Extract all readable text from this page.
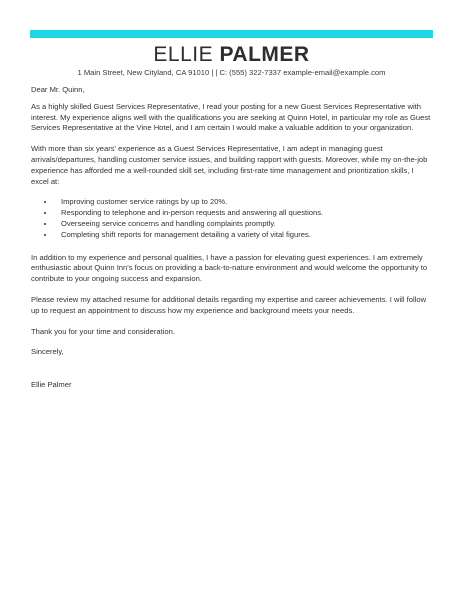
ELLIE PALMER
1 Main Street, New Cityland, CA 91010 | | C: (555) 322-7337 example-email@example.com

Dear Mr. Quinn,

As a highly skilled Guest Services Representative, I read your posting for a new Guest Services Representative with interest. My experience aligns well with the qualifications you are seeking at Quinn Hotel, in particular my role as Guest Services Representative at the Vine Hotel, and I am certain I would make a valuable addition to your organization.

With more than six years' experience as a Guest Services Representative, I am adept in managing guest arrivals/departures, handling customer service issues, and building rapport with guests. Moreover, while my on-the-job experience has afforded me a well-rounded skill set, including first-rate time management and prioritization skills, I excel at:

• Improving customer service ratings by up to 20%.
• Responding to telephone and in-person requests and answering all questions.
• Overseeing service concerns and handling complaints promptly.
• Completing shift reports for management detailing a variety of vital figures.

In addition to my experience and personal qualities, I have a passion for elevating guest experiences. I am extremely enthusiastic about Quinn Inn's focus on providing a back-to-nature environment and would welcome the opportunity to contribute to your ongoing success and expansion.

Please review my attached resume for additional details regarding my expertise and career achievements. I will follow up to request an appointment to discuss how my experience and background meets your needs.

Thank you for your time and consideration.

Sincerely,

Ellie Palmer
